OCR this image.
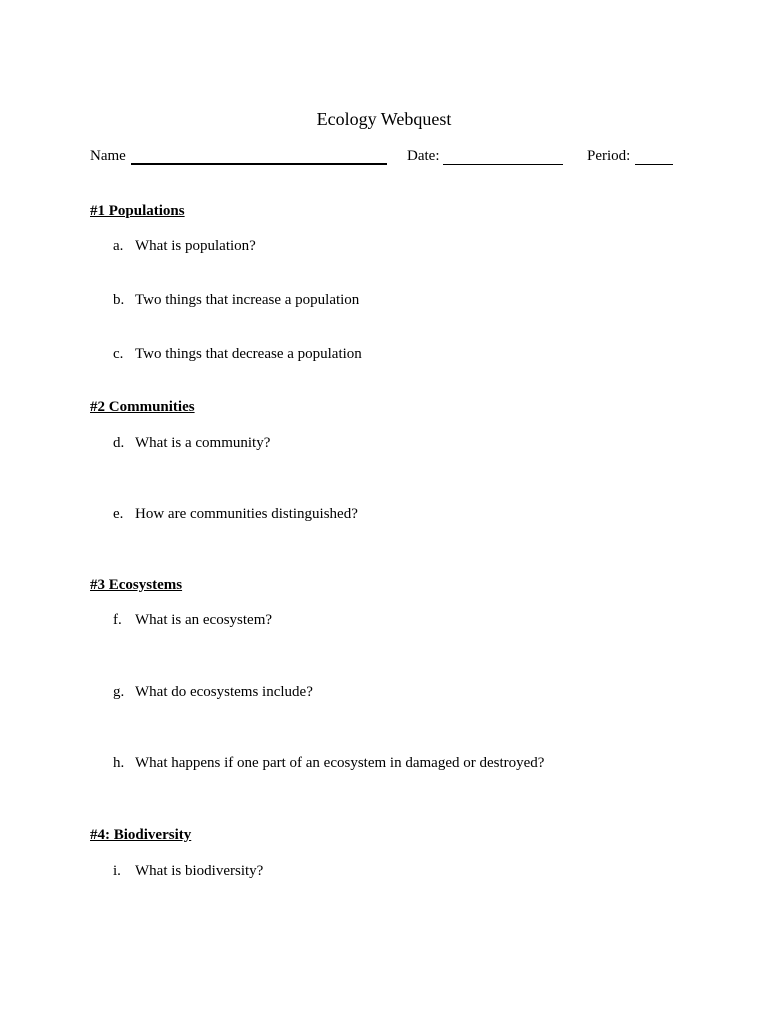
Ecology Webquest
Name	Date:	Period:
#1 Populations
a. What is population?
b. Two things that increase a population
c. Two things that decrease a population
#2 Communities
d. What is a community?
e. How are communities distinguished?
#3 Ecosystems
f. What is an ecosystem?
g. What do ecosystems include?
h. What happens if one part of an ecosystem in damaged or destroyed?
#4: Biodiversity
i. What is biodiversity?
